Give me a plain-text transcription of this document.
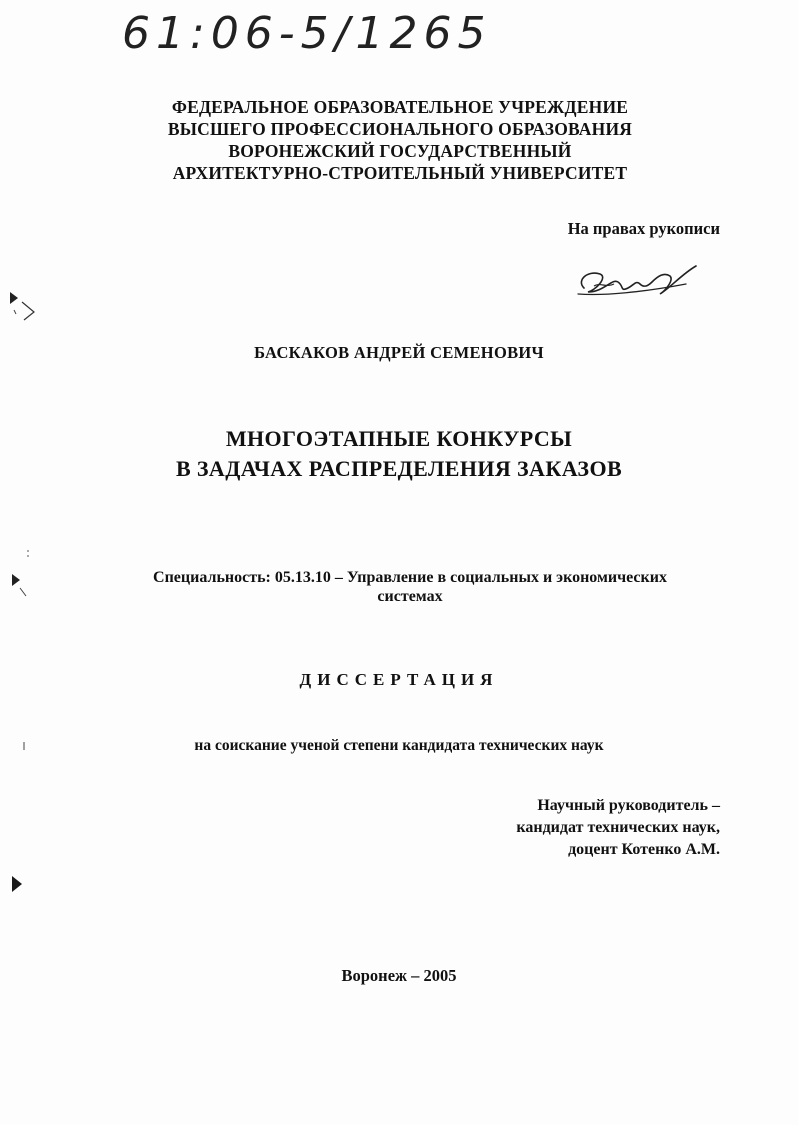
61:06-5/1265
ФЕДЕРАЛЬНОЕ ОБРАЗОВАТЕЛЬНОЕ УЧРЕЖДЕНИЕ
ВЫСШЕГО ПРОФЕССИОНАЛЬНОГО ОБРАЗОВАНИЯ
ВОРОНЕЖСКИЙ ГОСУДАРСТВЕННЫЙ
АРХИТЕКТУРНО-СТРОИТЕЛЬНЫЙ УНИВЕРСИТЕТ
На правах рукописи
БАСКАКОВ АНДРЕЙ СЕМЕНОВИЧ
МНОГОЭТАПНЫЕ КОНКУРСЫ
В ЗАДАЧАХ РАСПРЕДЕЛЕНИЯ ЗАКАЗОВ
Специальность: 05.13.10 – Управление в социальных и экономических
системах
ДИССЕРТАЦИЯ
на соискание ученой степени кандидата технических наук
Научный руководитель –
кандидат технических наук,
доцент Котенко А.М.
Воронеж – 2005
